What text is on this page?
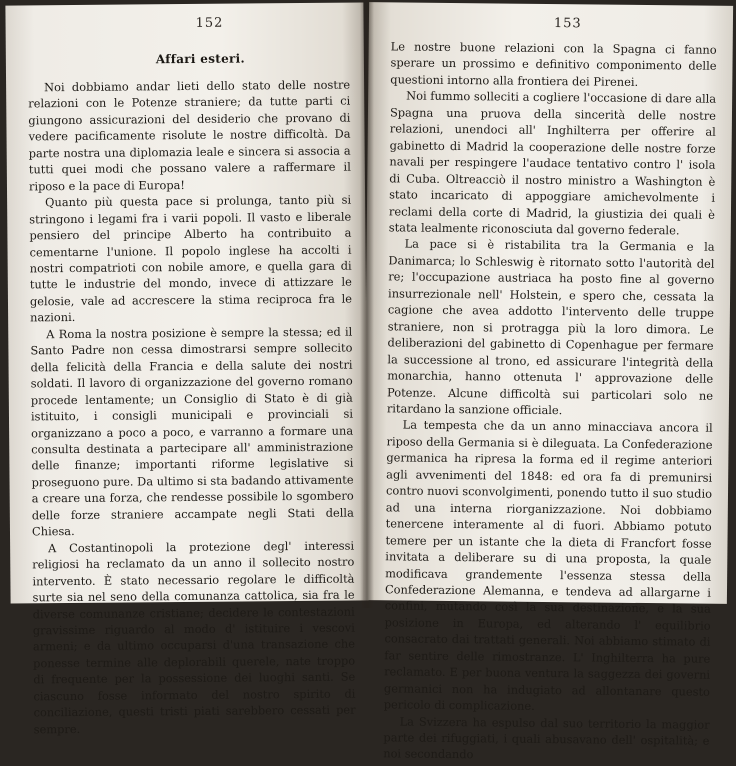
152
Affari esteri.

Noi dobbiamo andar lieti dello stato delle nostre relazioni con le Potenze straniere; da tutte parti ci giungono assicurazioni del desiderio che provano di vedere pacificamente risolute le nostre difficoltà. Da parte nostra una diplomazia leale e sincera si associa a tutti quei modi che possano valere a raffermare il riposo e la pace di Europa!

Quanto più questa pace si prolunga, tanto più si stringono i legami fra i varii popoli. Il vasto e liberale pensiero del principe Alberto ha contribuito a cementarne l'unione. Il popolo inglese ha accolti i nostri compatrioti con nobile amore, e quella gara di tutte le industrie del mondo, invece di attizzare le gelosie, vale ad accrescere la stima reciproca fra le nazioni.

A Roma la nostra posizione è sempre la stessa; ed il Santo Padre non cessa dimostrarsi sempre sollecito della felicità della Francia e della salute dei nostri soldati. Il lavoro di organizzazione del governo romano procede lentamente; un Consiglio di Stato è di già istituito, i consigli municipali e provinciali si organizzano a poco a poco, e varranno a formare una consulta destinata a partecipare all' amministrazione delle finanze; importanti riforme legislative si proseguono pure. Da ultimo si sta badando attivamente a creare una forza, che rendesse possibile lo sgombero delle forze straniere accampate negli Stati della Chiesa.

A Costantinopoli la protezione degl' interessi religiosi ha reclamato da un anno il sollecito nostro intervento. È stato necessario regolare le difficoltà surte sia nel seno della comunanza cattolica, sia fra le diverse comunanze cristiane; decidere le contestazioni gravissime riguardo al modo d' istituire i vescovi armeni; e da ultimo occuparsi d'una transazione che ponesse termine alle deplorabili querele, nate troppo di frequente per la possessione dei luoghi santi. Se ciascuno fosse informato del nostro spirito di conciliazione, questi tristi piati sarebbero cessati per sempre.

153

Le nostre buone relazioni con la Spagna ci fanno sperare un prossimo e definitivo componimento delle questioni intorno alla frontiera dei Pirenei.

Noi fummo solleciti a cogliere l'occasione di dare alla Spagna una pruova della sincerità delle nostre relazioni, unendoci all' Inghilterra per offerire al gabinetto di Madrid la cooperazione delle nostre forze navali per respingere l'audace tentativo contro l' isola di Cuba. Oltreacciò il nostro ministro a Washington è stato incaricato di appoggiare amichevolmente i reclami della corte di Madrid, la giustizia dei quali è stata lealmente riconosciuta dal governo federale.

La pace si è ristabilita tra la Germania e la Danimarca; lo Schleswig è ritornato sotto l'autorità del re; l'occupazione austriaca ha posto fine al governo insurrezionale nell' Holstein, e spero che, cessata la cagione che avea addotto l'intervento delle truppe straniere, non si protragga più la loro dimora. Le deliberazioni del gabinetto di Copenhague per fermare la successione al trono, ed assicurare l'integrità della monarchia, hanno ottenuta l' approvazione delle Potenze. Alcune difficoltà sui particolari solo ne ritardano la sanzione officiale.

La tempesta che da un anno minacciava ancora il riposo della Germania si è dileguata. La Confederazione germanica ha ripresa la forma ed il regime anteriori agli avvenimenti del 1848: ed ora fa di premunirsi contro nuovi sconvolgimenti, ponendo tutto il suo studio ad una interna riorganizzazione. Noi dobbiamo tenercene interamente al di fuori. Abbiamo potuto temere per un istante che la dieta di Francfort fosse invitata a deliberare su di una proposta, la quale modificava grandemente l'essenza stessa della Confederazione Alemanna, e tendeva ad allargarne i confini, mutando così la sua destinazione, e la sua posizione in Europa, ed alterando l' equilibrio consacrato dai trattati generali. Noi abbiamo stimato di far sentire delle rimostranze. L' Inghilterra ha pure reclamato. E per buona ventura la saggezza dei governi germanici non ha indugiato ad allontanare questo pericolo di complicazione.

La Svizzera ha espulso dal suo territorio la maggior parte dei rifuggiati, i quali abusavano dell' ospitalità; e noi secondando
